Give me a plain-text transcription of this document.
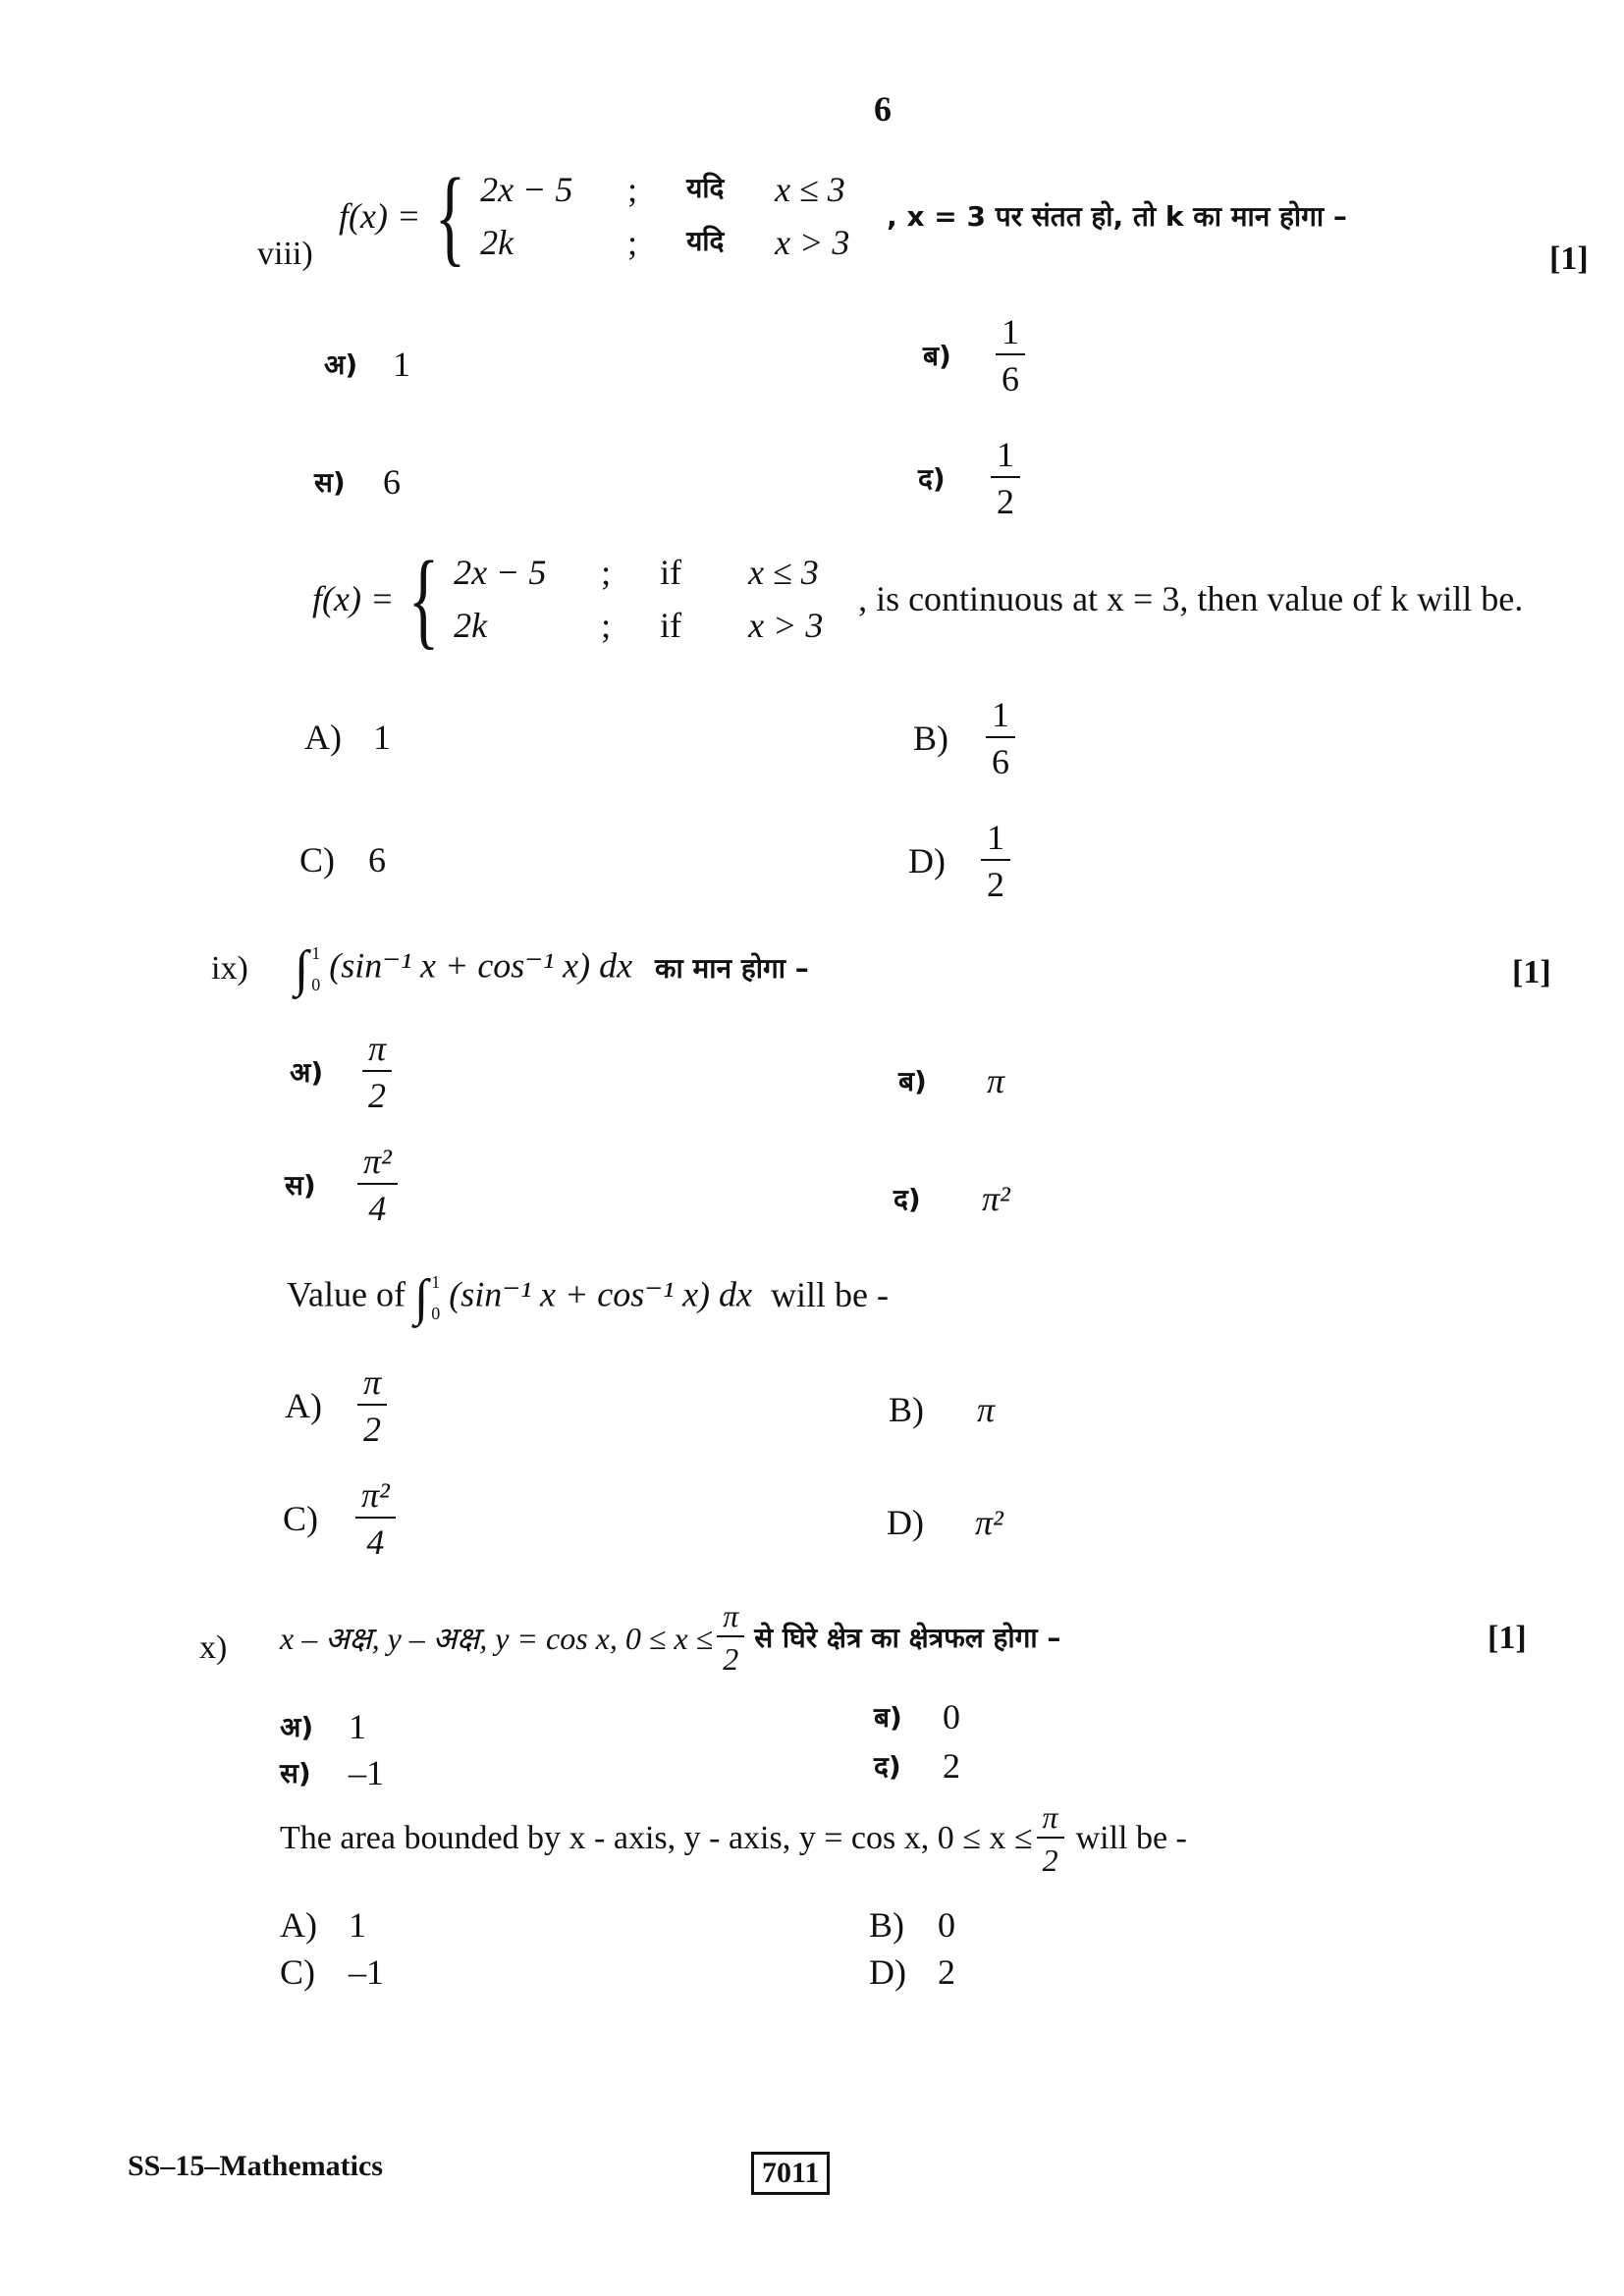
6
viii)
f(x) = { 2x − 5	;	यदि	x ≤ 3
2k	;	यदि	x > 3
, x = 3 पर संतत हो, तो k का मान होगा –
[1]
अ) 1	ब)	$\frac{1}{6}$
स)	6	द)	$\frac{1}{2}$
f(x) = { 2x − 5	;	if	x ≤ 3
2k	;	if	x > 3
, is continuous at x = 3, then value of k will be.
A) 1	B)	$\frac{1}{6}$
C) 6	D)	$\frac{1}{2}$
ix) ∫ 1
0 (sin⁻¹ x + cos⁻¹ x) dx का मान होगा –	[1]
अ)	$\frac{\pi}{2}$	ब)	π
स)	$\frac{\text{π²}}{4}$	द)	π²
Value of ∫ 1
0 (sin⁻¹ x + cos⁻¹ x) dx will be -
A)	$\frac{\pi}{2}$	B)	π
C)	$\frac{\text{π²}}{4}$	D)	π²
x) x – अक्ष, y – अक्ष, y = cos x, $0 \le x \le \frac{\pi}{2}$ से घिरे क्षेत्र का क्षेत्रफल होगा –	[1]
अ) 1	ब)	0
स)	–1	द)	2
The area bounded by x - axis, y - axis, y = cos x, $0 \le x \le \frac{\pi}{2}$ will be -
A) 1	B) 0
C) –1	D) 2
SS–15–Mathematics	7011
